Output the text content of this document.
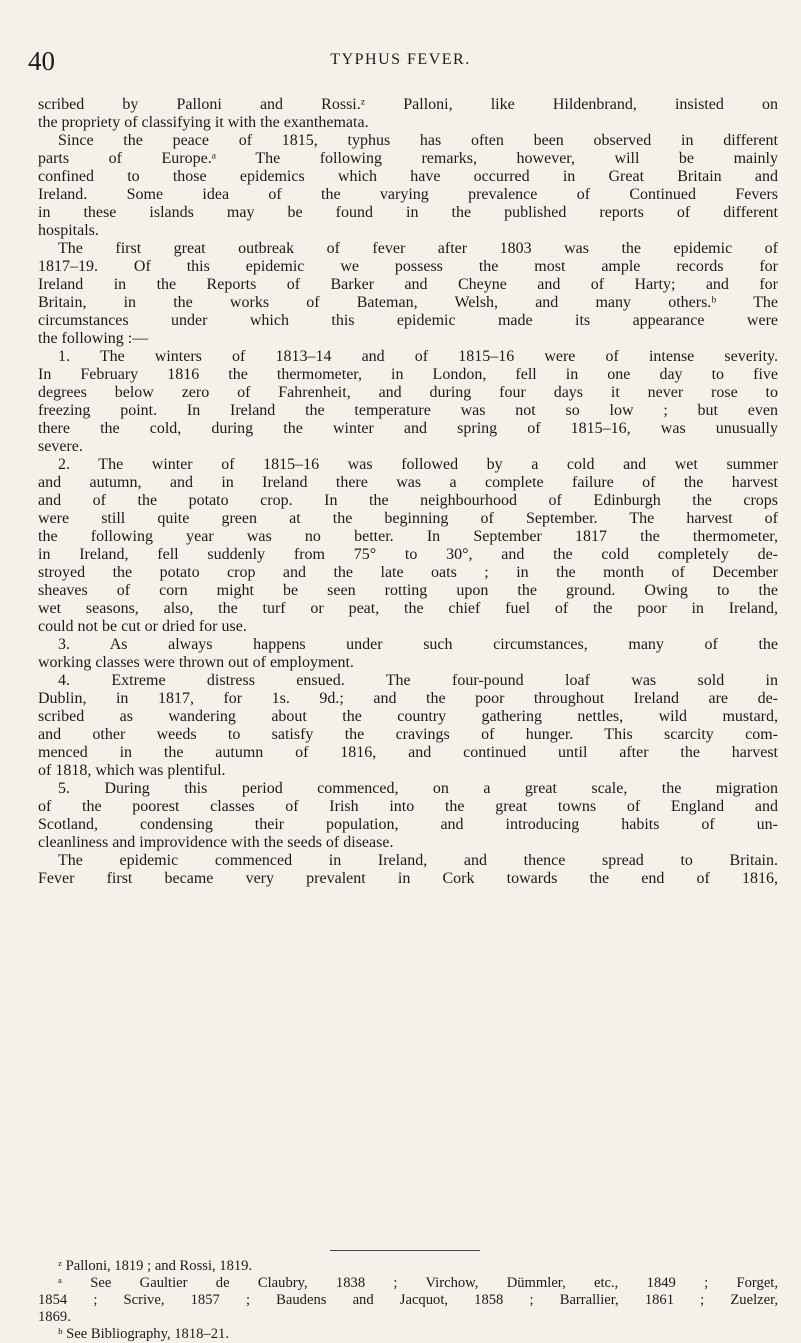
40	TYPHUS FEVER.
scribed by Palloni and Rossi.ᶻ Palloni, like Hildenbrand, insisted on
the propriety of classifying it with the exanthemata.
Since the peace of 1815, typhus has often been observed in different
parts of Europe.ᵃ The following remarks, however, will be mainly
confined to those epidemics which have occurred in Great Britain and
Ireland. Some idea of the varying prevalence of Continued Fevers
in these islands may be found in the published reports of different
hospitals.
The first great outbreak of fever after 1803 was the epidemic of
1817–19. Of this epidemic we possess the most ample records for
Ireland in the Reports of Barker and Cheyne and of Harty; and for
Britain, in the works of Bateman, Welsh, and many others.ᵇ The
circumstances under which this epidemic made its appearance were
the following :—
1. The winters of 1813–14 and of 1815–16 were of intense severity.
In February 1816 the thermometer, in London, fell in one day to five
degrees below zero of Fahrenheit, and during four days it never rose to
freezing point. In Ireland the temperature was not so low ; but even
there the cold, during the winter and spring of 1815–16, was unusually
severe.
2. The winter of 1815–16 was followed by a cold and wet summer
and autumn, and in Ireland there was a complete failure of the harvest
and of the potato crop. In the neighbourhood of Edinburgh the crops
were still quite green at the beginning of September. The harvest of
the following year was no better. In September 1817 the thermometer,
in Ireland, fell suddenly from 75° to 30°, and the cold completely de-
stroyed the potato crop and the late oats ; in the month of December
sheaves of corn might be seen rotting upon the ground. Owing to the
wet seasons, also, the turf or peat, the chief fuel of the poor in Ireland,
could not be cut or dried for use.
3. As always happens under such circumstances, many of the
working classes were thrown out of employment.
4. Extreme distress ensued. The four-pound loaf was sold in
Dublin, in 1817, for 1s. 9d.; and the poor throughout Ireland are de-
scribed as wandering about the country gathering nettles, wild mustard,
and other weeds to satisfy the cravings of hunger. This scarcity com-
menced in the autumn of 1816, and continued until after the harvest
of 1818, which was plentiful.
5. During this period commenced, on a great scale, the migration
of the poorest classes of Irish into the great towns of England and
Scotland, condensing their population, and introducing habits of un-
cleanliness and improvidence with the seeds of disease.
The epidemic commenced in Ireland, and thence spread to Britain.
Fever first became very prevalent in Cork towards the end of 1816,
ᶻ Palloni, 1819 ; and Rossi, 1819.
ᵃ See Gaultier de Claubry, 1838 ; Virchow, Dümmler, etc., 1849 ; Forget,
1854 ; Scrive, 1857 ; Baudens and Jacquot, 1858 ; Barrallier, 1861 ; Zuelzer,
1869.
ᵇ See Bibliography, 1818–21.
